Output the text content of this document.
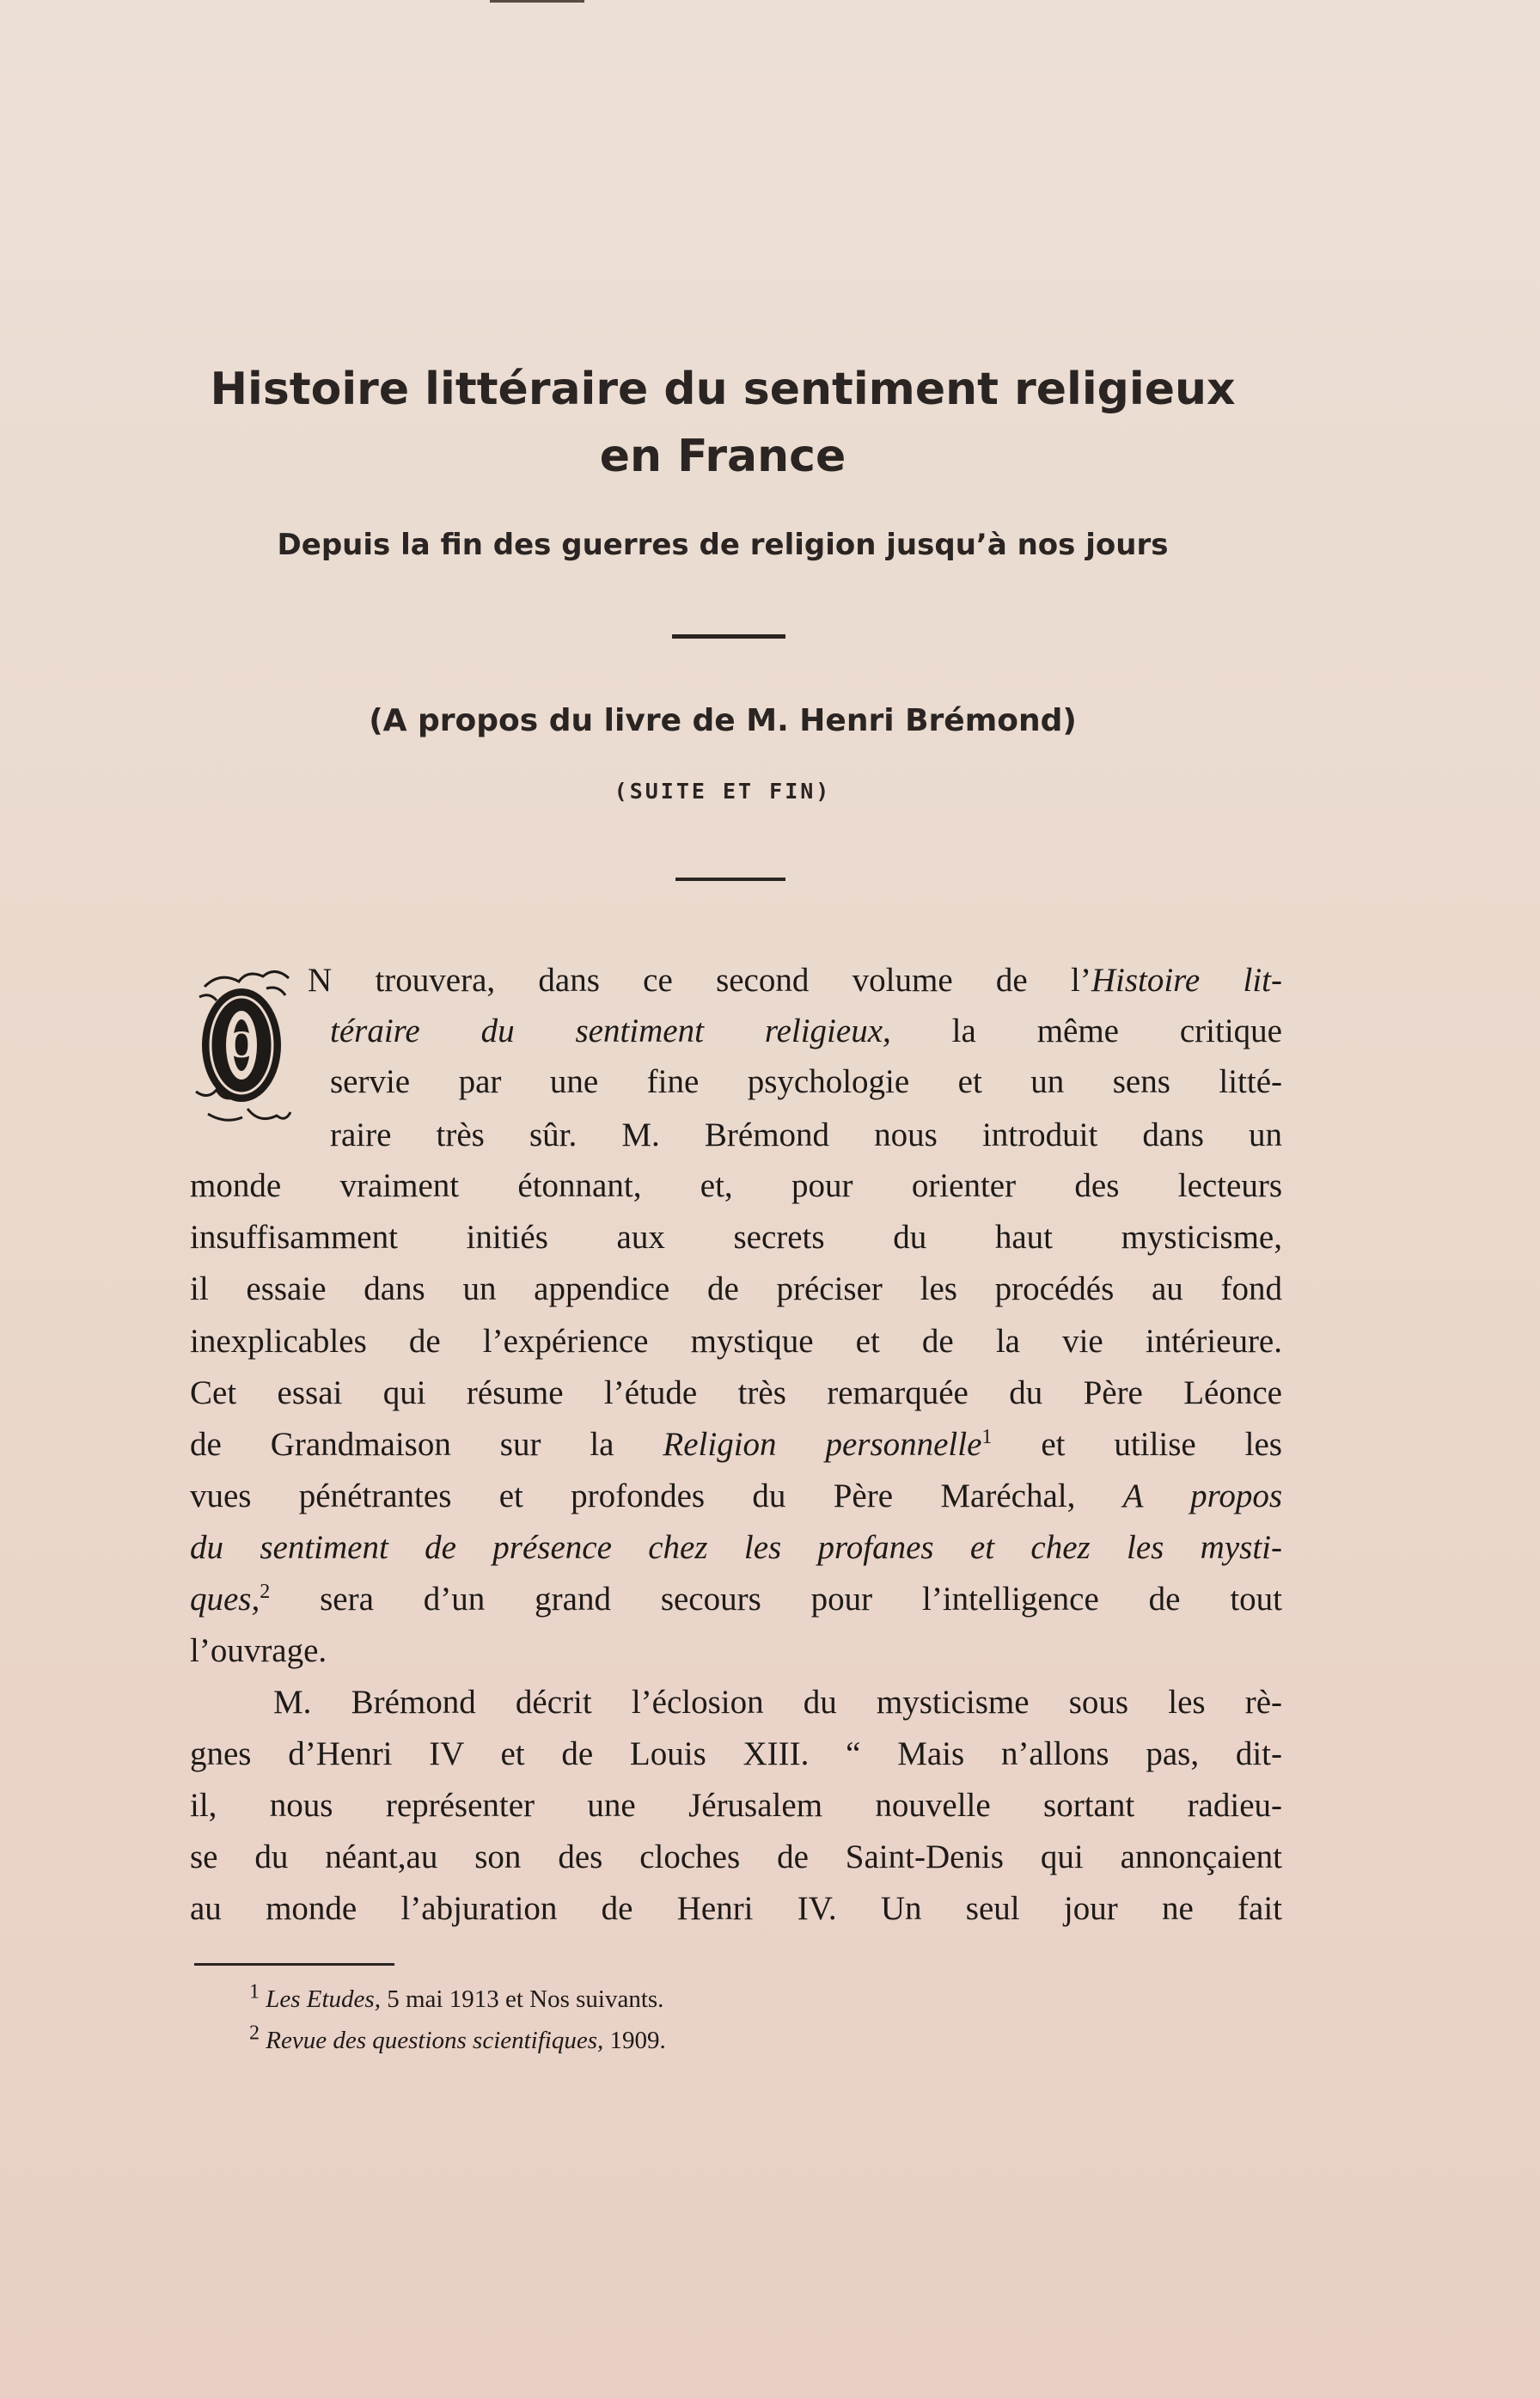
Histoire littéraire du sentiment religieux
en France

Depuis la fin des guerres de religion jusqu’à nos jours

(A propos du livre de M. Henri Brémond)

(SUITE ET FIN)

O

N trouvera, dans ce second volume de l’Histoire lit-

téraire du sentiment religieux, la même critique

servie par une fine psychologie et un sens litté-

raire très sûr. M. Brémond nous introduit dans un

monde vraiment étonnant, et, pour orienter des lecteurs

insuffisamment initiés aux secrets du haut mysticisme,

il essaie dans un appendice de préciser les procédés au fond

inexplicables de l’expérience mystique et de la vie intérieure.

Cet essai qui résume l’étude très remarquée du Père Léonce

de Grandmaison sur la Religion personnelle$^1$ et utilise les

vues pénétrantes et profondes du Père Maréchal, A propos

du sentiment de présence chez les profanes et chez les mysti-

ques,$^2$ sera d’un grand secours pour l’intelligence de tout

l’ouvrage.

M. Brémond décrit l’éclosion du mysticisme sous les rè-

gnes d’Henri IV et de Louis XIII. “ Mais n’allons pas, dit-

il, nous représenter une Jérusalem nouvelle sortant radieu-

se du néant,au son des cloches de Saint-Denis qui annonçaient

au monde l’abjuration de Henri IV. Un seul jour ne fait

$^1$ Les Etudes, 5 mai 1913 et Nos suivants.

$^2$ Revue des questions scientifiques, 1909.
